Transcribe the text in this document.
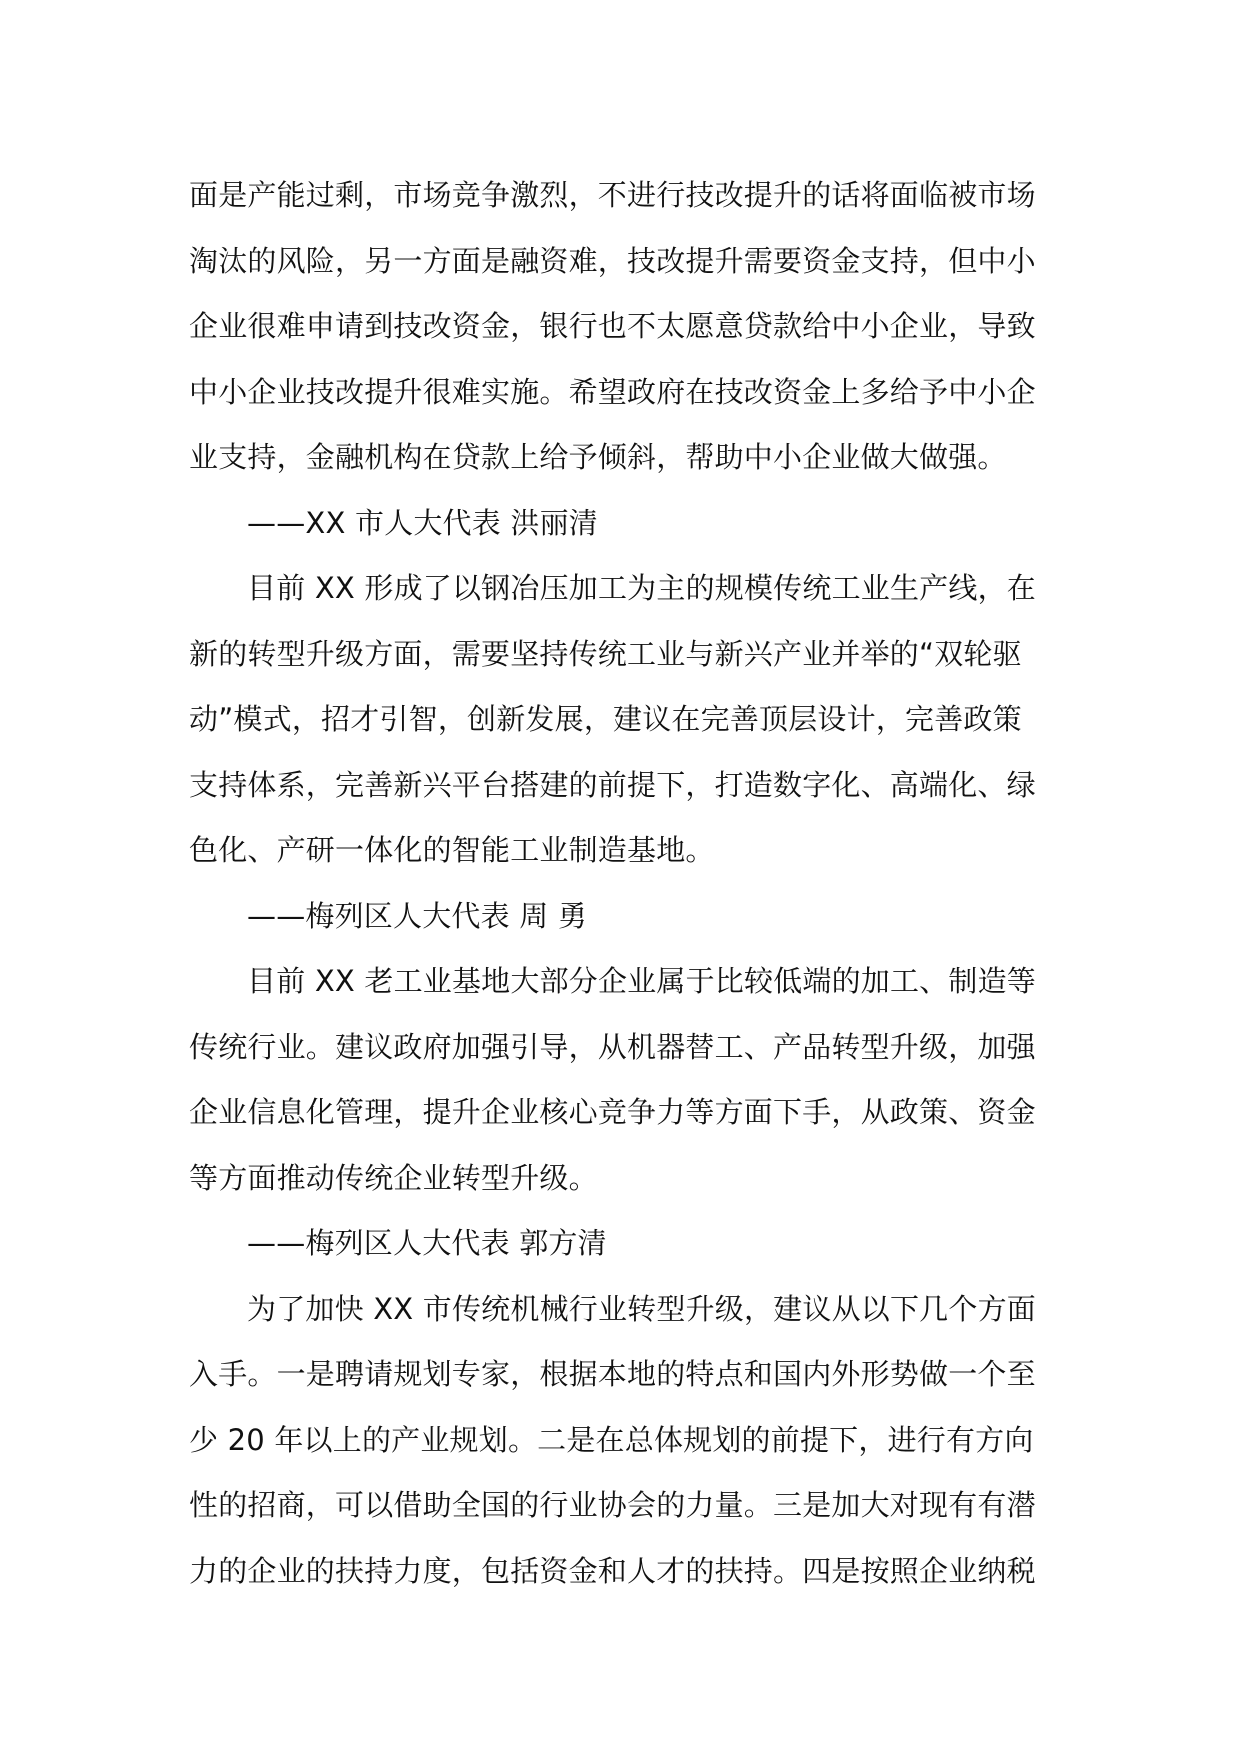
面是产能过剩，市场竞争激烈，不进行技改提升的话将面临被市场
淘汰的风险，另一方面是融资难，技改提升需要资金支持，但中小
企业很难申请到技改资金，银行也不太愿意贷款给中小企业，导致
中小企业技改提升很难实施。希望政府在技改资金上多给予中小企
业支持，金融机构在贷款上给予倾斜，帮助中小企业做大做强。
——XX 市人大代表 洪丽清
目前 XX 形成了以钢冶压加工为主的规模传统工业生产线，在
新的转型升级方面，需要坚持传统工业与新兴产业并举的“双轮驱
动”模式，招才引智，创新发展，建议在完善顶层设计，完善政策
支持体系，完善新兴平台搭建的前提下，打造数字化、高端化、绿
色化、产研一体化的智能工业制造基地。
——梅列区人大代表 周 勇
目前 XX 老工业基地大部分企业属于比较低端的加工、制造等
传统行业。建议政府加强引导，从机器替工、产品转型升级，加强
企业信息化管理，提升企业核心竞争力等方面下手，从政策、资金
等方面推动传统企业转型升级。
——梅列区人大代表 郭方清
为了加快 XX 市传统机械行业转型升级，建议从以下几个方面
入手。一是聘请规划专家，根据本地的特点和国内外形势做一个至
少 20 年以上的产业规划。二是在总体规划的前提下，进行有方向
性的招商，可以借助全国的行业协会的力量。三是加大对现有有潜
力的企业的扶持力度，包括资金和人才的扶持。四是按照企业纳税
